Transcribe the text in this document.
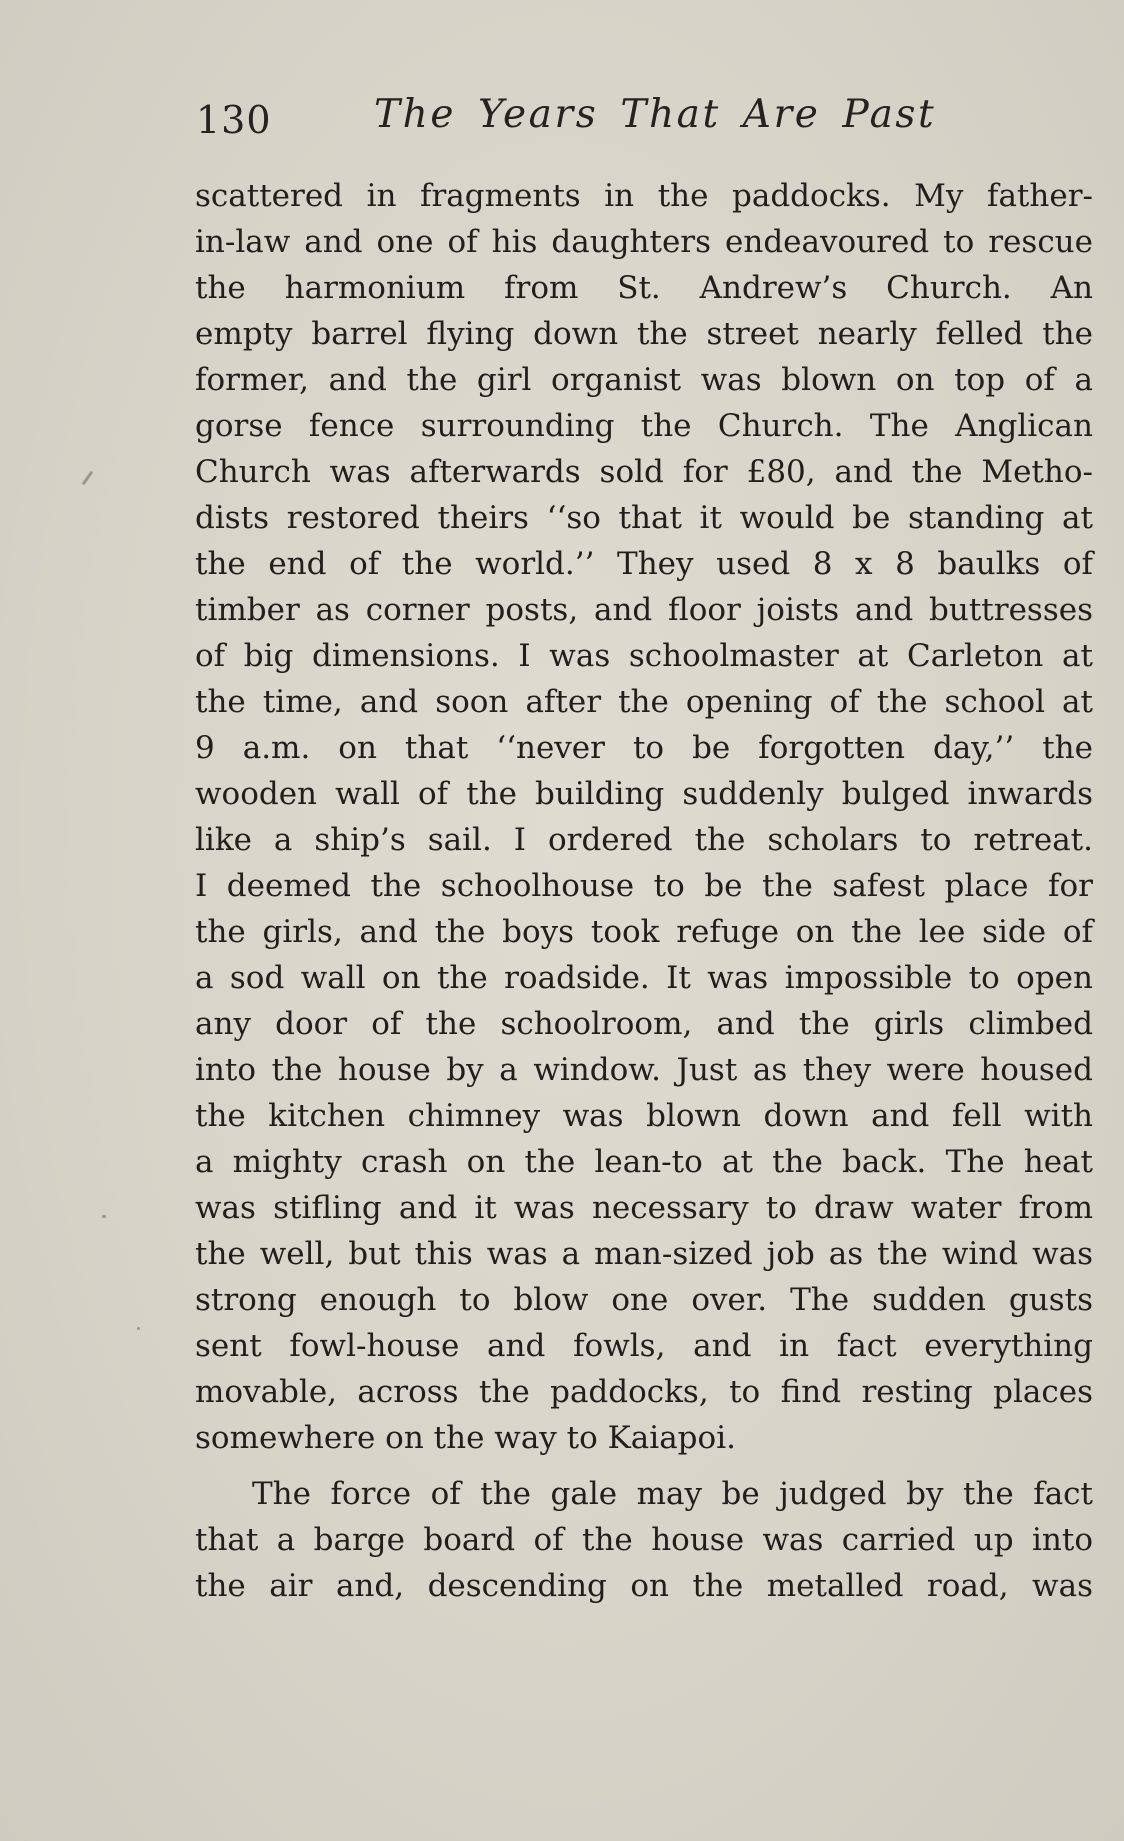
130	The Years That Are Past
scattered in fragments in the paddocks. My father-
in-law and one of his daughters endeavoured to rescue
the harmonium from St. Andrew’s Church. An
empty barrel flying down the street nearly felled the
former, and the girl organist was blown on top of a
gorse fence surrounding the Church. The Anglican
Church was afterwards sold for £80, and the Metho-
dists restored theirs ‘‘so that it would be standing at
the end of the world.’’ They used 8 x 8 baulks of
timber as corner posts, and floor joists and buttresses
of big dimensions. I was schoolmaster at Carleton at
the time, and soon after the opening of the school at
9 a.m. on that ‘‘never to be forgotten day,’’ the
wooden wall of the building suddenly bulged inwards
like a ship’s sail. I ordered the scholars to retreat.
I deemed the schoolhouse to be the safest place for
the girls, and the boys took refuge on the lee side of
a sod wall on the roadside. It was impossible to open
any door of the schoolroom, and the girls climbed
into the house by a window. Just as they were housed
the kitchen chimney was blown down and fell with
a mighty crash on the lean-to at the back. The heat
was stifling and it was necessary to draw water from
the well, but this was a man-sized job as the wind was
strong enough to blow one over. The sudden gusts
sent fowl-house and fowls, and in fact everything
movable, across the paddocks, to find resting places
somewhere on the way to Kaiapoi.
The force of the gale may be judged by the fact
that a barge board of the house was carried up into
the air and, descending on the metalled road, was
